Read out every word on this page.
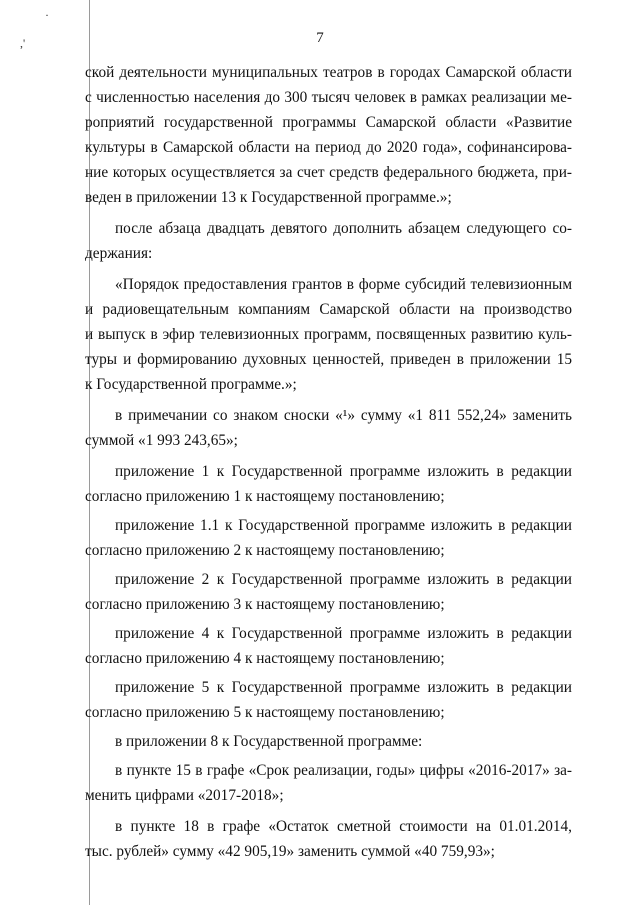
·
,'	7
ской деятельности муниципальных театров в городах Самарской области
с численностью населения до 300 тысяч человек в рамках реализации ме-
роприятий государственной программы Самарской области «Развитие
культуры в Самарской области на период до 2020 года», софинансирова-
ние которых осуществляется за счет средств федерального бюджета, при-
веден в приложении 13 к Государственной программе.»;
после абзаца двадцать девятого дополнить абзацем следующего со-
держания:
«Порядок предоставления грантов в форме субсидий телевизионным
и радиовещательным компаниям Самарской области на производство
и выпуск в эфир телевизионных программ, посвященных развитию куль-
туры и формированию духовных ценностей, приведен в приложении 15
к Государственной программе.»;
в примечании со знаком сноски «¹» сумму «1 811 552,24» заменить
суммой «1 993 243,65»;
приложение 1 к Государственной программе изложить в редакции
согласно приложению 1 к настоящему постановлению;
приложение 1.1 к Государственной программе изложить в редакции
согласно приложению 2 к настоящему постановлению;
приложение 2 к Государственной программе изложить в редакции
согласно приложению 3 к настоящему постановлению;
приложение 4 к Государственной программе изложить в редакции
согласно приложению 4 к настоящему постановлению;
приложение 5 к Государственной программе изложить в редакции
согласно приложению 5 к настоящему постановлению;
в приложении 8 к Государственной программе:
в пункте 15 в графе «Срок реализации, годы» цифры «2016-2017» за-
менить цифрами «2017-2018»;
в пункте 18 в графе «Остаток сметной стоимости на 01.01.2014,
тыс. рублей» сумму «42 905,19» заменить суммой «40 759,93»;
